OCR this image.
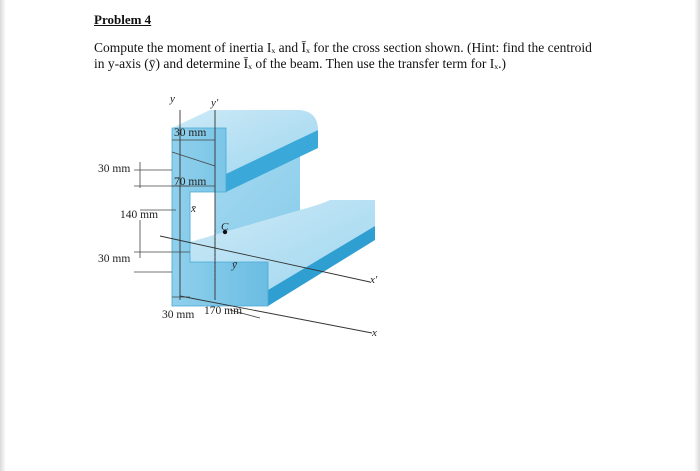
Problem 4
Compute the moment of inertia Iₓ and Īₓ for the cross section shown. (Hint: find the centroid
in y-axis (ȳ) and determine Īₓ of the beam. Then use the transfer term for Iₓ.)
y	y′
x′
x
C
x̄
ȳ
30 mm
70 mm
30 mm
140 mm
30 mm
30 mm 170 mm
